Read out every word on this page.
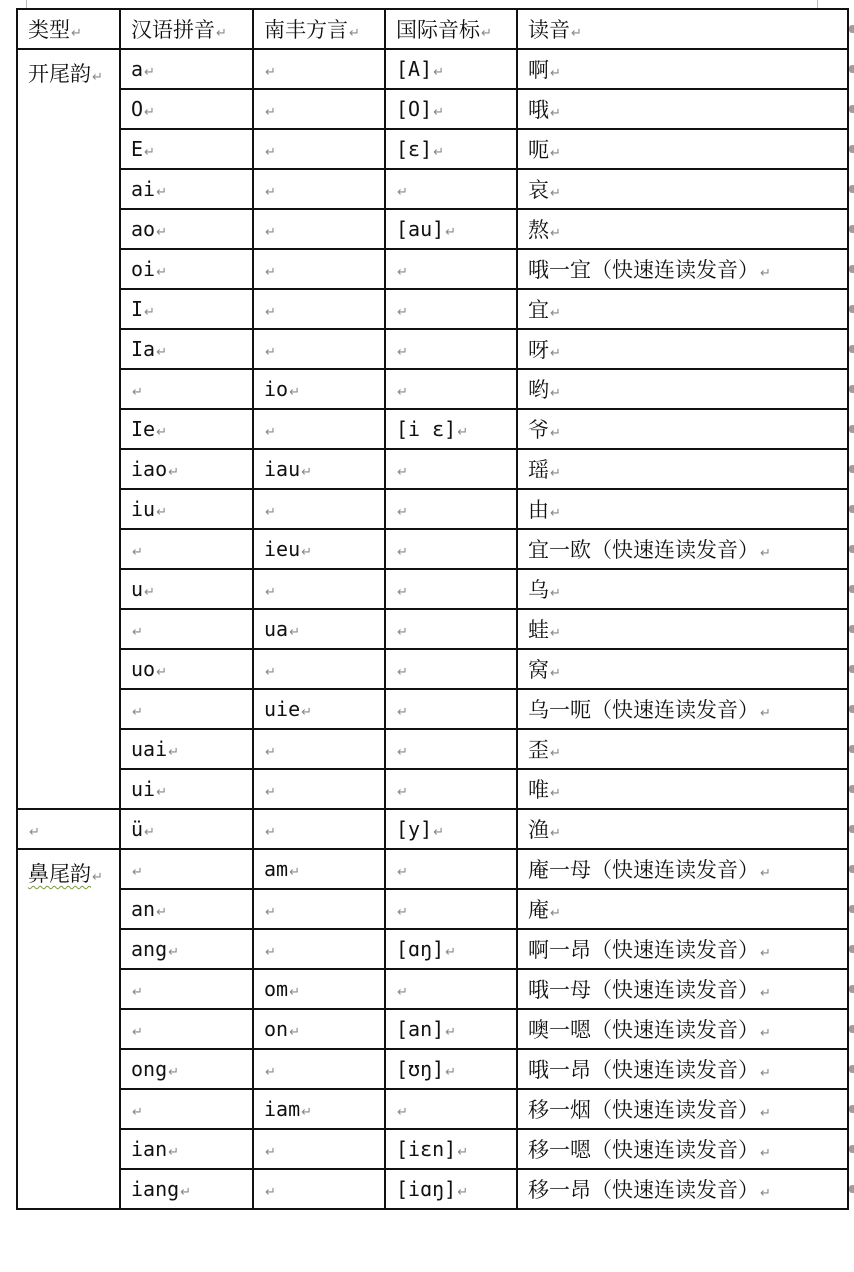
类型↵	汉语拼音↵	南丰方言↵	国际音标↵	读音↵
开尾韵↵	a↵	↵	[A]↵	啊↵
	O↵	↵	[O]↵	哦↵
	E↵	↵	[ɛ]↵	呃↵
	ai↵	↵	↵	哀↵
	ao↵	↵	[au]↵	熬↵
	oi↵	↵	↵	哦一宜（快速连读发音）↵
	I↵	↵	↵	宜↵
	Ia↵	↵	↵	呀↵
	↵	io↵	↵	哟↵
	Ie↵	↵	[i ɛ]↵	爷↵
	iao↵	iau↵	↵	瑶↵
	iu↵	↵	↵	由↵
	↵	ieu↵	↵	宜一欧（快速连读发音）↵
	u↵	↵	↵	乌↵
	↵	ua↵	↵	蛙↵
	uo↵	↵	↵	窝↵
	↵	uie↵	↵	乌一呃（快速连读发音）↵
	uai↵	↵	↵	歪↵
	ui↵	↵	↵	唯↵
↵	ü↵	↵	[y]↵	渔↵
鼻尾韵↵	↵	am↵	↵	庵一母（快速连读发音）↵
	an↵	↵	↵	庵↵
	ang↵	↵	[ɑŋ]↵	啊一昂（快速连读发音）↵
	↵	om↵	↵	哦一母（快速连读发音）↵
	↵	on↵	[an]↵	噢一嗯（快速连读发音）↵
	ong↵	↵	[ʊŋ]↵	哦一昂（快速连读发音）↵
	↵	iam↵	↵	移一烟（快速连读发音）↵
	ian↵	↵	[iɛn]↵	移一嗯（快速连读发音）↵
	iang↵	↵	[iɑŋ]↵	移一昂（快速连读发音）↵
